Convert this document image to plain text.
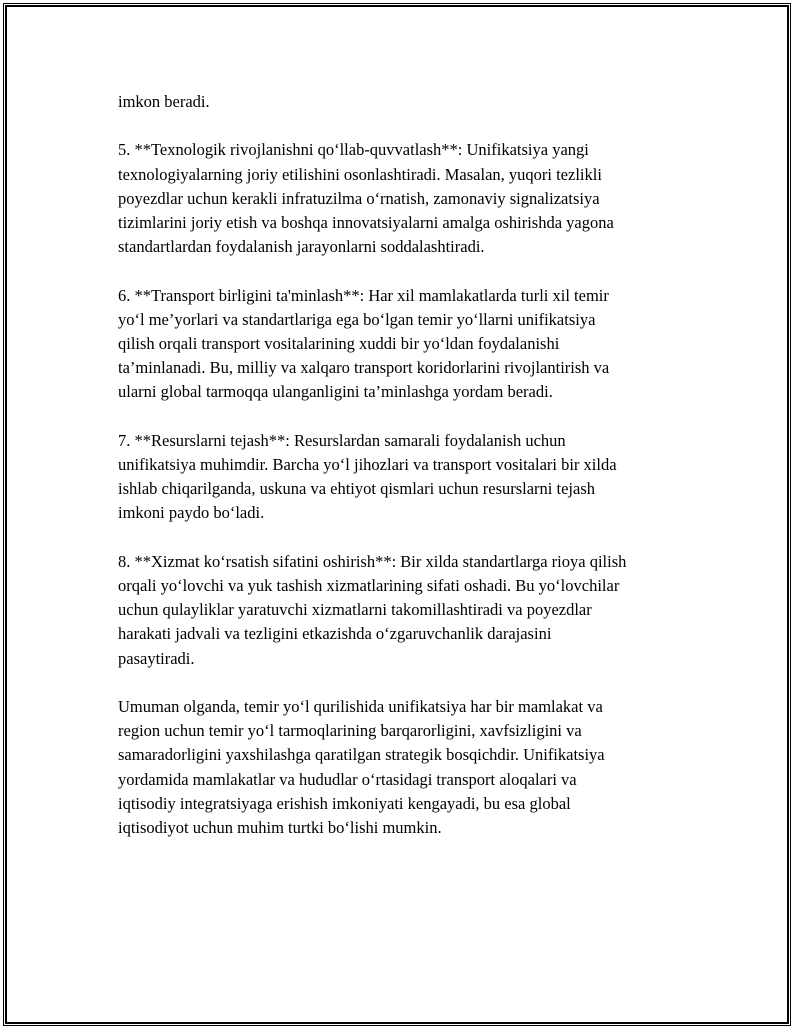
imkon beradi.

5. **Texnologik rivojlanishni qo‘llab-quvvatlash**: Unifikatsiya yangi
texnologiyalarning joriy etilishini osonlashtiradi. Masalan, yuqori tezlikli
poyezdlar uchun kerakli infratuzilma o‘rnatish, zamonaviy signalizatsiya
tizimlarini joriy etish va boshqa innovatsiyalarni amalga oshirishda yagona
standartlardan foydalanish jarayonlarni soddalashtiradi.

6. **Transport birligini ta'minlash**: Har xil mamlakatlarda turli xil temir
yo‘l me’yorlari va standartlariga ega bo‘lgan temir yo‘llarni unifikatsiya
qilish orqali transport vositalarining xuddi bir yo‘ldan foydalanishi
ta’minlanadi. Bu, milliy va xalqaro transport koridorlarini rivojlantirish va
ularni global tarmoqqa ulanganligini ta’minlashga yordam beradi.

7. **Resurslarni tejash**: Resurslardan samarali foydalanish uchun
unifikatsiya muhimdir. Barcha yo‘l jihozlari va transport vositalari bir xilda
ishlab chiqarilganda, uskuna va ehtiyot qismlari uchun resurslarni tejash
imkoni paydo bo‘ladi.

8. **Xizmat ko‘rsatish sifatini oshirish**: Bir xilda standartlarga rioya qilish
orqali yo‘lovchi va yuk tashish xizmatlarining sifati oshadi. Bu yo‘lovchilar
uchun qulayliklar yaratuvchi xizmatlarni takomillashtiradi va poyezdlar
harakati jadvali va tezligini etkazishda o‘zgaruvchanlik darajasini
pasaytiradi.

Umuman olganda, temir yo‘l qurilishida unifikatsiya har bir mamlakat va
region uchun temir yo‘l tarmoqlarining barqarorligini, xavfsizligini va
samaradorligini yaxshilashga qaratilgan strategik bosqichdir. Unifikatsiya
yordamida mamlakatlar va hududlar o‘rtasidagi transport aloqalari va
iqtisodiy integratsiyaga erishish imkoniyati kengayadi, bu esa global
iqtisodiyot uchun muhim turtki bo‘lishi mumkin.
